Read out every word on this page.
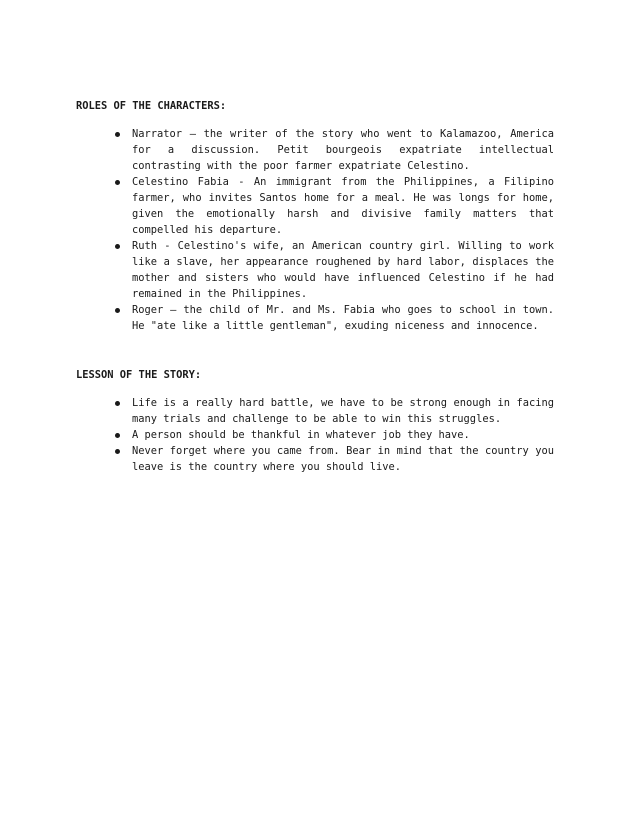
ROLES OF THE CHARACTERS:
Narrator – the writer of the story who went to Kalamazoo, America for a discussion. Petit bourgeois expatriate intellectual contrasting with the poor farmer expatriate Celestino.
Celestino Fabia - An immigrant from the Philippines, a Filipino farmer, who invites Santos home for a meal. He was longs for home, given the emotionally harsh and divisive family matters that compelled his departure.
Ruth - Celestino's wife, an American country girl. Willing to work like a slave, her appearance roughened by hard labor, displaces the mother and sisters who would have influenced Celestino if he had remained in the Philippines.
Roger – the child of Mr. and Ms. Fabia who goes to school in town. He "ate like a little gentleman", exuding niceness and innocence.
LESSON OF THE STORY:
Life is a really hard battle, we have to be strong enough in facing many trials and challenge to be able to win this struggles.
A person should be thankful in whatever job they have.
Never forget where you came from. Bear in mind that the country you leave is the country where you should live.
